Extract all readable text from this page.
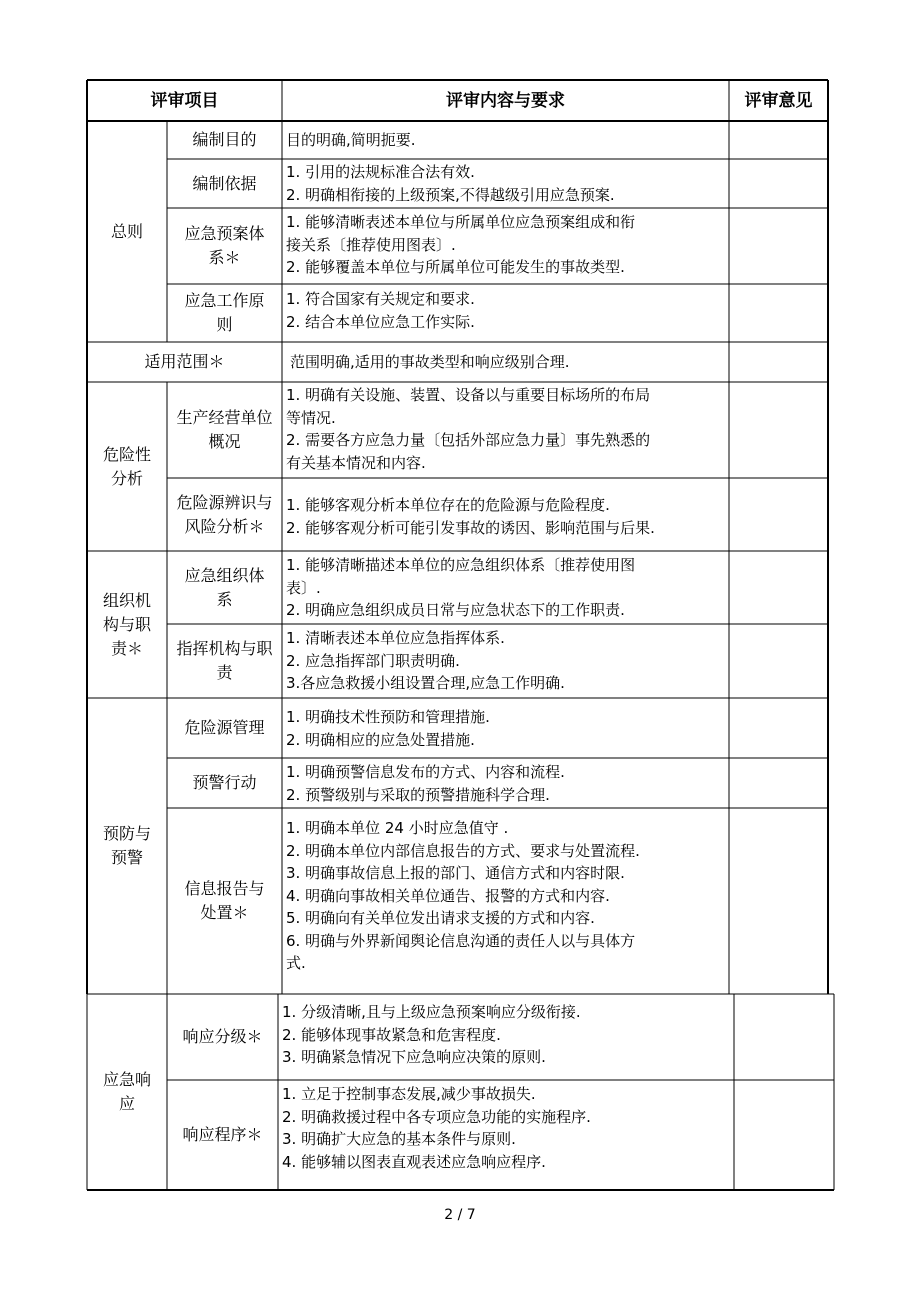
评审项目	评审内容与要求	评审意见
总则
适用范围＊
危险性分析
组织机构与职责＊
预防与预警
应急响应
编制目的
编制依据
应急预案体系＊
应急工作原则
生产经营单位概况
危险源辨识与风险分析＊
应急组织体系
指挥机构与职责
危险源管理
预警行动
信息报告与处置＊
响应分级＊
响应程序＊
目的明确,简明扼要.
1. 引用的法规标准合法有效.
2. 明确相衔接的上级预案,不得越级引用应急预案.
1. 能够清晰表述本单位与所属单位应急预案组成和衔
接关系〔推荐使用图表〕.
2. 能够覆盖本单位与所属单位可能发生的事故类型.
1. 符合国家有关规定和要求.
2. 结合本单位应急工作实际.
范围明确,适用的事故类型和响应级别合理.
1. 明确有关设施、装置、设备以与重要目标场所的布局
等情况.
2. 需要各方应急力量〔包括外部应急力量〕事先熟悉的
有关基本情况和内容.
1. 能够客观分析本单位存在的危险源与危险程度.
2. 能够客观分析可能引发事故的诱因、影响范围与后果.
1. 能够清晰描述本单位的应急组织体系〔推荐使用图
表〕.
2. 明确应急组织成员日常与应急状态下的工作职责.
1. 清晰表述本单位应急指挥体系.
2. 应急指挥部门职责明确.
3.各应急救援小组设置合理,应急工作明确.
1. 明确技术性预防和管理措施.
2. 明确相应的应急处置措施.
1. 明确预警信息发布的方式、内容和流程.
2. 预警级别与采取的预警措施科学合理.
1. 明确本单位 24 小时应急值守 .
2. 明确本单位内部信息报告的方式、要求与处置流程.
3. 明确事故信息上报的部门、通信方式和内容时限.
4. 明确向事故相关单位通告、报警的方式和内容.
5. 明确向有关单位发出请求支援的方式和内容.
6. 明确与外界新闻舆论信息沟通的责任人以与具体方
式.
1. 分级清晰,且与上级应急预案响应分级衔接.
2. 能够体现事故紧急和危害程度.
3. 明确紧急情况下应急响应决策的原则.
1. 立足于控制事态发展,减少事故损失.
2. 明确救援过程中各专项应急功能的实施程序.
3. 明确扩大应急的基本条件与原则.
4. 能够辅以图表直观表述应急响应程序.
2 / 7
